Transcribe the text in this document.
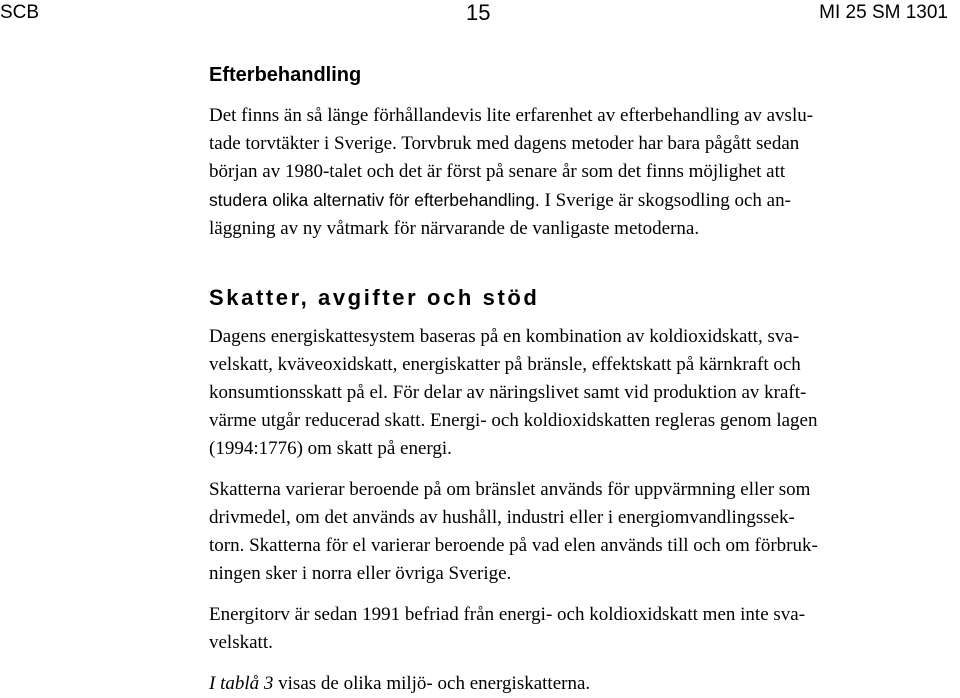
SCB	15	MI 25 SM 1301
Efterbehandling

Det finns än så länge förhållandevis lite erfarenhet av efterbehandling av avslu-
tade torvtäkter i Sverige. Torvbruk med dagens metoder har bara pågått sedan
början av 1980-talet och det är först på senare år som det finns möjlighet att
studera olika alternativ för efterbehandling. I Sverige är skogsodling och an-
läggning av ny våtmark för närvarande de vanligaste metoderna.

Skatter, avgifter och stöd

Dagens energiskattesystem baseras på en kombination av koldioxidskatt, sva-
velskatt, kväveoxidskatt, energiskatter på bränsle, effektskatt på kärnkraft och
konsumtionsskatt på el. För delar av näringslivet samt vid produktion av kraft-
värme utgår reducerad skatt. Energi- och koldioxidskatten regleras genom lagen
(1994:1776) om skatt på energi.

Skatterna varierar beroende på om bränslet används för uppvärmning eller som
drivmedel, om det används av hushåll, industri eller i energiomvandlingssek-
torn. Skatterna för el varierar beroende på vad elen används till och om förbruk-
ningen sker i norra eller övriga Sverige.

Energitorv är sedan 1991 befriad från energi- och koldioxidskatt men inte sva-
velskatt.

I tablå 3 visas de olika miljö- och energiskatterna.
